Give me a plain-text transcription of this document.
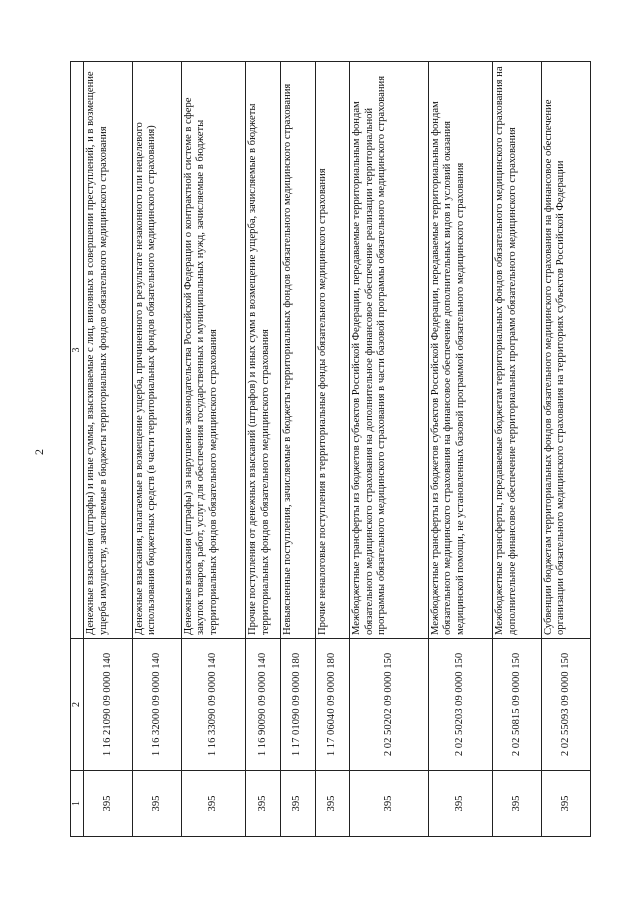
2
1	2	3
395	1 16 21090 09 0000 140	Денежные взыскания (штрафы) и иные суммы, взыскиваемые с лиц, виновных в совершении преступлений, и в возмещение ущерба имуществу, зачисляемые в бюджеты территориальных фондов обязательного медицинского страхования
395	1 16 32000 09 0000 140	Денежные взыскания, налагаемые в возмещение ущерба, причиненного в результате незаконного или нецелевого использования бюджетных средств (в части территориальных фондов обязательного медицинского страхования)
395	1 16 33090 09 0000 140	Денежные взыскания (штрафы) за нарушение законодательства Российской Федерации о контрактной системе в сфере закупок товаров, работ, услуг для обеспечения государственных и муниципальных нужд, зачисляемые в бюджеты территориальных фондов обязательного медицинского страхования
395	1 16 90090 09 0000 140	Прочие поступления от денежных взысканий (штрафов) и иных сумм в возмещение ущерба, зачисляемые в бюджеты территориальных фондов обязательного медицинского страхования
395	1 17 01090 09 0000 180	Невыясненные поступления, зачисляемые в бюджеты территориальных фондов обязательного медицинского страхования
395	1 17 06040 09 0000 180	Прочие неналоговые поступления в территориальные фонды обязательного медицинского страхования
395	2 02 50202 09 0000 150	Межбюджетные трансферты из бюджетов субъектов Российской Федерации, передаваемые территориальным фондам обязательного медицинского страхования на дополнительное финансовое обеспечение реализации территориальной программы обязательного медицинского страхования в части базовой программы обязательного медицинского страхования
395	2 02 50203 09 0000 150	Межбюджетные трансферты из бюджетов субъектов Российской Федерации, передаваемые территориальным фондам обязательного медицинского страхования на финансовое обеспечение дополнительных видов и условий оказания медицинской помощи, не установленных базовой программой обязательного медицинского страхования
395	2 02 50815 09 0000 150	Межбюджетные трансферты, передаваемые бюджетам территориальных фондов обязательного медицинского страхования на дополнительное финансовое обеспечение территориальных программ обязательного медицинского страхования
395	2 02 55093 09 0000 150	Субвенции бюджетам территориальных фондов обязательного медицинского страхования на финансовое обеспечение организации обязательного медицинского страхования на территориях субъектов Российской Федерации
